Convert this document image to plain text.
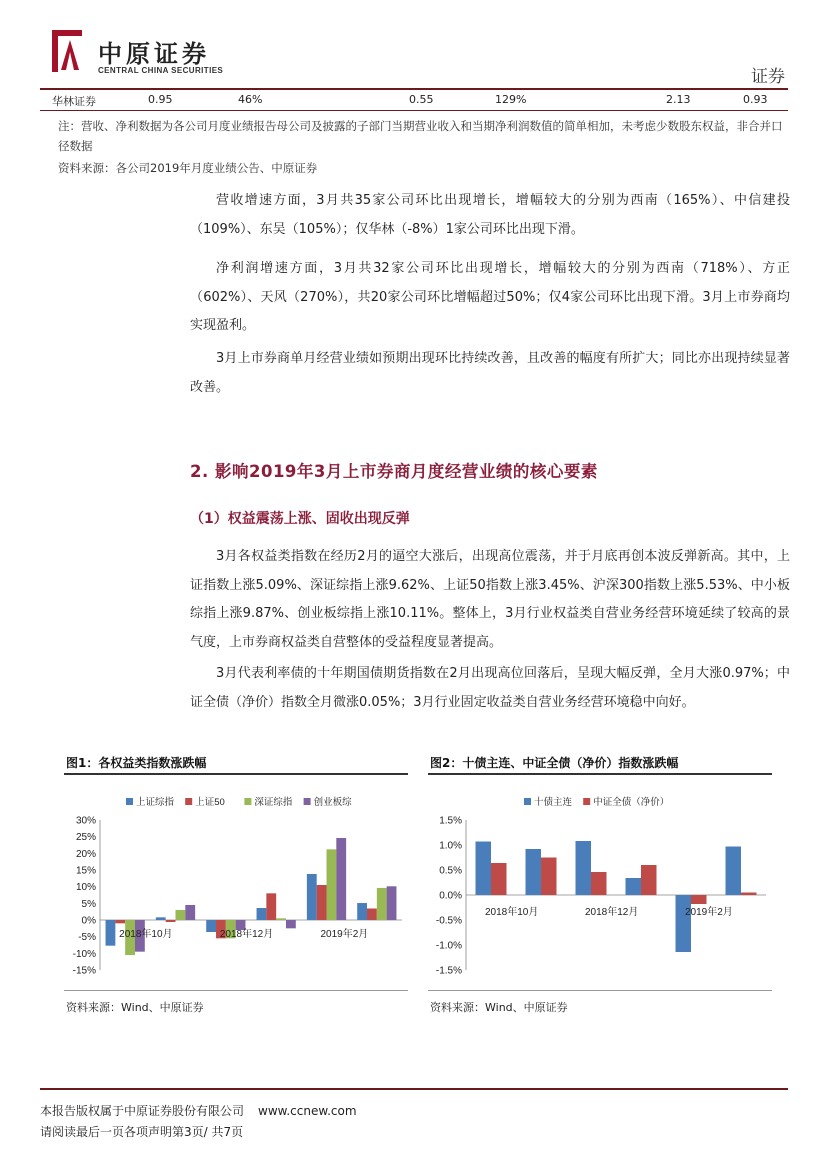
中原证券
CENTRAL CHINA SECURITIES	证券
华林证券	0.95	46%	0.55	129%	2.13	0.93
注：营收、净利数据为各公司月度业绩报告母公司及披露的子部门当期营业收入和当期净利润数值的简单相加，未考虑少数股东权益，非合并口径数据
资料来源：各公司2019年月度业绩公告、中原证券
营收增速方面，3月共35家公司环比出现增长，增幅较大的分别为西南（165%）、中信建投（109%）、东吴（105%）；仅华林（-8%）1家公司环比出现下滑。
净利润增速方面，3月共32家公司环比出现增长，增幅较大的分别为西南（718%）、方正（602%）、天风（270%），共20家公司环比增幅超过50%；仅4家公司环比出现下滑。3月上市券商均实现盈利。
3月上市券商单月经营业绩如预期出现环比持续改善，且改善的幅度有所扩大；同比亦出现持续显著改善。
2. 影响2019年3月上市券商月度经营业绩的核心要素
（1）权益震荡上涨、固收出现反弹
3月各权益类指数在经历2月的逼空大涨后，出现高位震荡，并于月底再创本波反弹新高。其中，上证指数上涨5.09%、深证综指上涨9.62%、上证50指数上涨3.45%、沪深300指数上涨5.53%、中小板综指上涨9.87%、创业板综指上涨10.11%。整体上，3月行业权益类自营业务经营环境延续了较高的景气度，上市券商权益类自营整体的受益程度显著提高。
3月代表利率债的十年期国债期货指数在2月出现高位回落后，呈现大幅反弹，全月大涨0.97%；中证全债（净价）指数全月微涨0.05%；3月行业固定收益类自营业务经营环境稳中向好。
图1：各权益类指数涨跌幅
30%
25%
20%
15%
10%
5%
0%
-5%
-10%
-15%
2018年10月	2018年12月	2019年2月
上证综指 上证50	深证综指 创业板综
资料来源：Wind、中原证券
图2：十债主连、中证全债（净价）指数涨跌幅
1.5%
1.0%
0.5%
0.0%
-0.5%
-1.0%
-1.5%
2018年10月	2018年12月	2019年2月
十债主连 中证全债（净价）
资料来源：Wind、中原证券
本报告版权属于中原证券股份有限公司 www.ccnew.com
请阅读最后一页各项声明第3页/ 共7页
